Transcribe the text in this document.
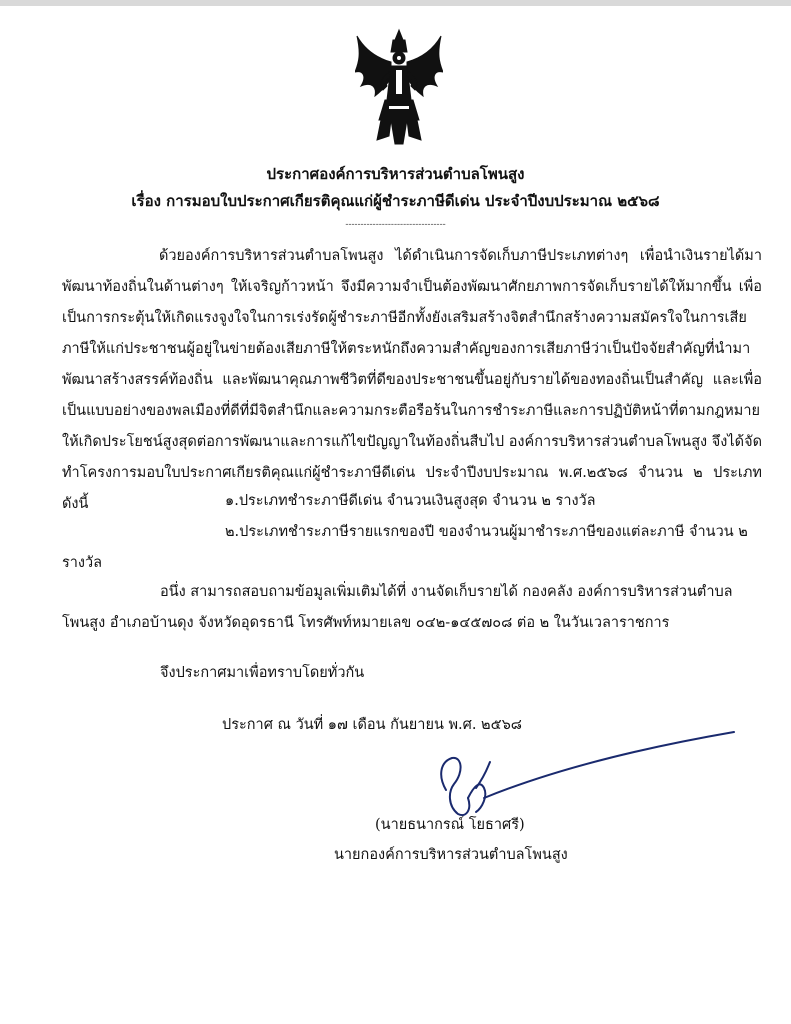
ประกาศองค์การบริหารส่วนตำบลโพนสูง
เรื่อง การมอบใบประกาศเกียรติคุณแก่ผู้ชำระภาษีดีเด่น ประจำปีงบประมาณ ๒๕๖๘
---------------------------------
ด้วยองค์การบริหารส่วนตำบลโพนสูง ได้ดำเนินการจัดเก็บภาษีประเภทต่างๆ เพื่อนำเงินรายได้มาพัฒนาท้องถิ่นในด้านต่างๆ ให้เจริญก้าวหน้า จึงมีความจำเป็นต้องพัฒนาศักยภาพการจัดเก็บรายได้ให้มากขึ้น เพื่อเป็นการกระตุ้นให้เกิดแรงจูงใจในการเร่งรัดผู้ชำระภาษีอีกทั้งยังเสริมสร้างจิตสำนึกสร้างความสมัครใจในการเสียภาษีให้แก่ประชาชนผู้อยู่ในข่ายต้องเสียภาษีให้ตระหนักถึงความสำคัญของการเสียภาษีว่าเป็นปัจจัยสำคัญที่นำมา พัฒนาสร้างสรรค์ท้องถิ่น และพัฒนาคุณภาพชีวิตที่ดีของประชาชนขึ้นอยู่กับรายได้ของทองถิ่นเป็นสำคัญ และเพื่อเป็นแบบอย่างของพลเมืองที่ดีที่มีจิตสำนึกและความกระตือรือร้นในการชำระภาษีและการปฏิบัติหน้าที่ตามกฎหมายให้เกิดประโยชน์สูงสุดต่อการพัฒนาและการแก้ไขปัญญาในท้องถิ่นสืบไป องค์การบริหารส่วนตำบลโพนสูง จึงได้จัดทำโครงการมอบใบประกาศเกียรติคุณแก่ผู้ชำระภาษีดีเด่น ประจำปีงบประมาณ พ.ศ.๒๕๖๘ จำนวน ๒ ประเภท ดังนี้	๑.ประเภทชำระภาษีดีเด่น จำนวนเงินสูงสุด จำนวน ๒ รางวัล
๒.ประเภทชำระภาษีรายแรกของปี ของจำนวนผู้มาชำระภาษีของแต่ละภาษี จำนวน ๒
รางวัล
อนึ่ง สามารถสอบถามข้อมูลเพิ่มเติมได้ที่ งานจัดเก็บรายได้ กองคลัง องค์การบริหารส่วนตำบล
โพนสูง อำเภอบ้านดุง จังหวัดอุดรธานี โทรศัพท์หมายเลข ๐๔๒-๑๔๕๗๐๘ ต่อ ๒ ในวันเวลาราชการ
จึงประกาศมาเพื่อทราบโดยทั่วกัน
ประกาศ ณ วันที่ ๑๗ เดือน กันยายน พ.ศ. ๒๕๖๘
(นายธนากรณ์ โยธาศรี)
นายกองค์การบริหารส่วนตำบลโพนสูง
